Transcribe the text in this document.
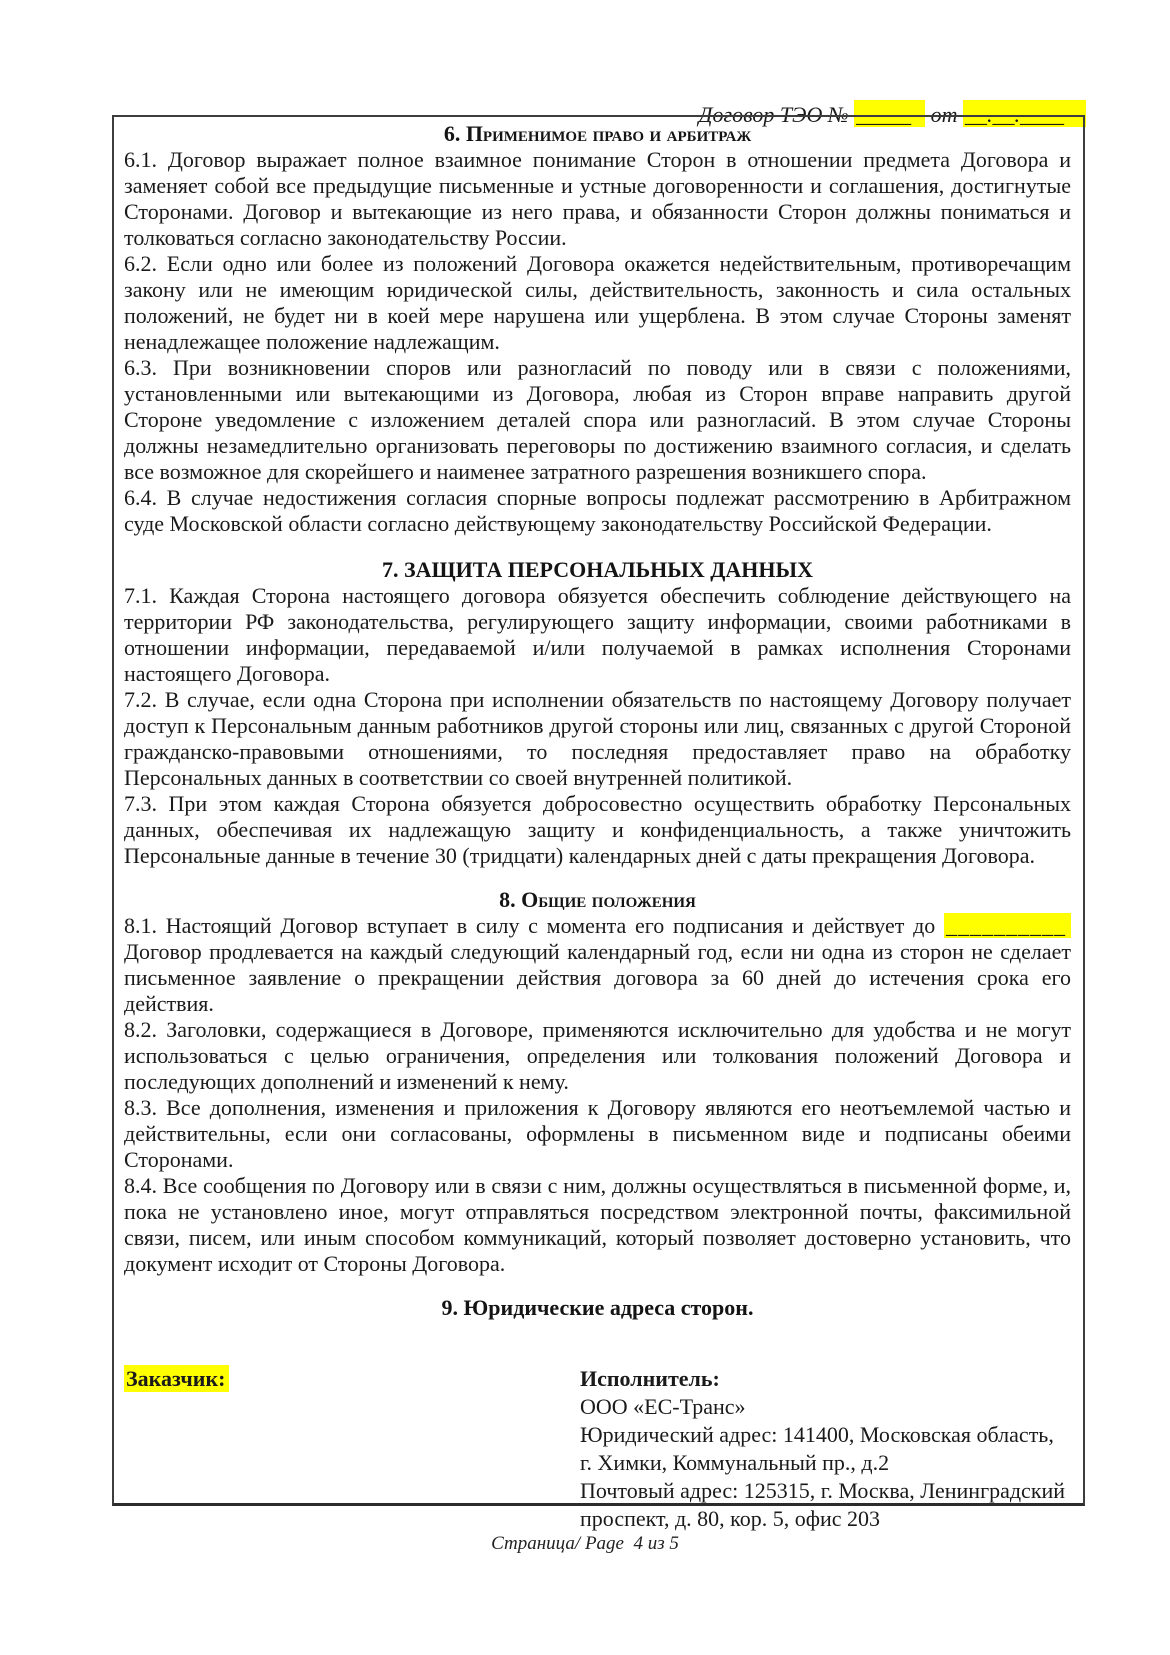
Договор ТЭО № _____ от __.__.____

6. Применимое право и арбитраж

6.1. Договор выражает полное взаимное понимание Сторон в отношении предмета Договора и заменяет собой все предыдущие письменные и устные договоренности и соглашения, достигнутые Сторонами. Договор и вытекающие из него права, и обязанности Сторон должны пониматься и толковаться согласно законодательству России.

6.2. Если одно или более из положений Договора окажется недействительным, противоречащим закону или не имеющим юридической силы, действительность, законность и сила остальных положений, не будет ни в коей мере нарушена или ущерблена. В этом случае Стороны заменят ненадлежащее положение надлежащим.

6.3. При возникновении споров или разногласий по поводу или в связи с положениями, установленными или вытекающими из Договора, любая из Сторон вправе направить другой Стороне уведомление с изложением деталей спора или разногласий. В этом случае Стороны должны незамедлительно организовать переговоры по достижению взаимного согласия, и сделать все возможное для скорейшего и наименее затратного разрешения возникшего спора.

6.4. В случае недостижения согласия спорные вопросы подлежат рассмотрению в Арбитражном суде Московской области согласно действующему законодательству Российской Федерации.

7. ЗАЩИТА ПЕРСОНАЛЬНЫХ ДАННЫХ

7.1. Каждая Сторона настоящего договора обязуется обеспечить соблюдение действующего на территории РФ законодательства, регулирующего защиту информации, своими работниками в отношении информации, передаваемой и/или получаемой в рамках исполнения Сторонами настоящего Договора.

7.2. В случае, если одна Сторона при исполнении обязательств по настоящему Договору получает доступ к Персональным данным работников другой стороны или лиц, связанных с другой Стороной гражданско-правовыми отношениями, то последняя предоставляет право на обработку Персональных данных в соответствии со своей внутренней политикой.

7.3. При этом каждая Сторона обязуется добросовестно осуществить обработку Персональных данных, обеспечивая их надлежащую защиту и конфиденциальность, а также уничтожить Персональные данные в течение 30 (тридцати) календарных дней с даты прекращения Договора.

8. Общие положения

8.1. Настоящий Договор вступает в силу с момента его подписания и действует до __________ Договор продлевается на каждый следующий календарный год, если ни одна из сторон не сделает письменное заявление о прекращении действия договора за 60 дней до истечения срока его действия.

8.2. Заголовки, содержащиеся в Договоре, применяются исключительно для удобства и не могут использоваться с целью ограничения, определения или толкования положений Договора и последующих дополнений и изменений к нему.

8.3. Все дополнения, изменения и приложения к Договору являются его неотъемлемой частью и действительны, если они согласованы, оформлены в письменном виде и подписаны обеими Сторонами.

8.4. Все сообщения по Договору или в связи с ним, должны осуществляться в письменной форме, и, пока не установлено иное, могут отправляться посредством электронной почты, факсимильной связи, писем, или иным способом коммуникаций, который позволяет достоверно установить, что документ исходит от Стороны Договора.

9. Юридические адреса сторон.
Заказчик:	Исполнитель:
ООО «ЕС-Транс»
Юридический адрес: 141400, Московская область,
г. Химки, Коммунальный пр., д.2
Почтовый адрес: 125315, г. Москва, Ленинградский
проспект, д. 80, кор. 5, офис 203
Страница/ Page  4 из 5
